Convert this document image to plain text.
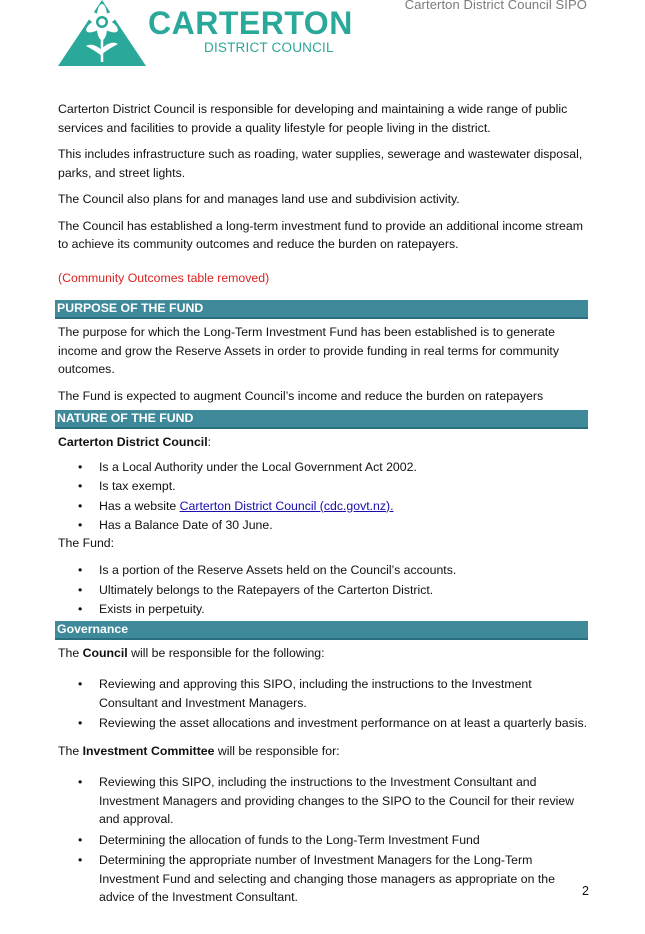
Carterton District Council SIPO
CARTERTON
DISTRICT COUNCIL

Carterton District Council is responsible for developing and maintaining a wide range of public services and facilities to provide a quality lifestyle for people living in the district.

This includes infrastructure such as roading, water supplies, sewerage and wastewater disposal, parks, and street lights.

The Council also plans for and manages land use and subdivision activity.

The Council has established a long-term investment fund to provide an additional income stream to achieve its community outcomes and reduce the burden on ratepayers.

(Community Outcomes table removed)

PURPOSE OF THE FUND

The purpose for which the Long-Term Investment Fund has been established is to generate income and grow the Reserve Assets in order to provide funding in real terms for community outcomes.

The Fund is expected to augment Council’s income and reduce the burden on ratepayers

NATURE OF THE FUND

Carterton District Council:

• Is a Local Authority under the Local Government Act 2002.
• Is tax exempt.
• Has a website Carterton District Council (cdc.govt.nz).
• Has a Balance Date of 30 June.

The Fund:

• Is a portion of the Reserve Assets held on the Council’s accounts.
• Ultimately belongs to the Ratepayers of the Carterton District.
• Exists in perpetuity.
Governance

The Council will be responsible for the following:

• Reviewing and approving this SIPO, including the instructions to the Investment Consultant and Investment Managers.
• Reviewing the asset allocations and investment performance on at least a quarterly basis.

The Investment Committee will be responsible for:

• Reviewing this SIPO, including the instructions to the Investment Consultant and Investment Managers and providing changes to the SIPO to the Council for their review and approval.
• Determining the allocation of funds to the Long-Term Investment Fund
• Determining the appropriate number of Investment Managers for the Long-Term Investment Fund and selecting and changing those managers as appropriate on the advice of the Investment Consultant.	2
